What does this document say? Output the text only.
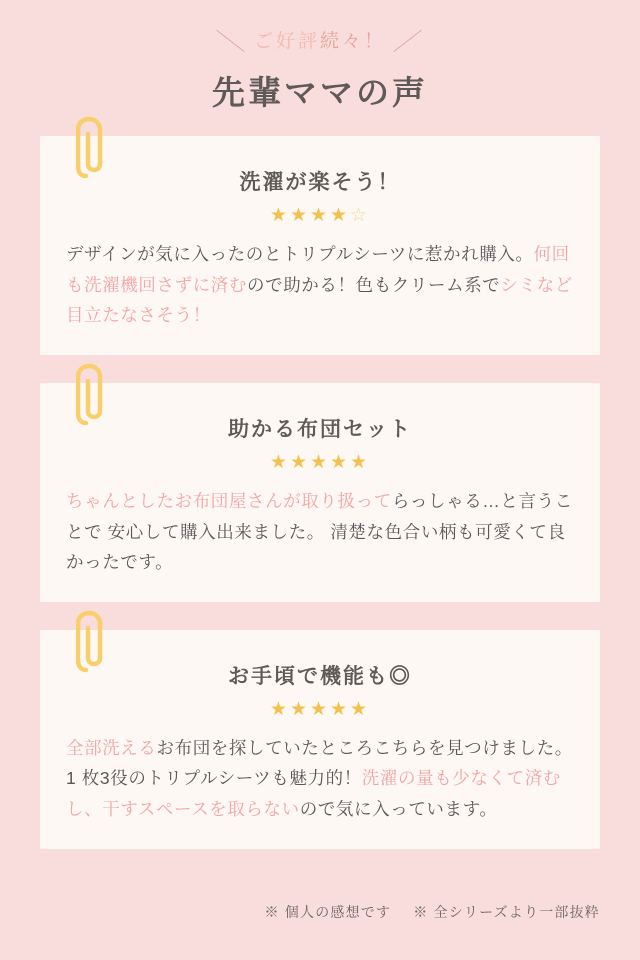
＼ ご好評続々！ ／
先輩ママの声
洗濯が楽そう！
★★★★☆
デザインが気に入ったのとトリプルシーツに惹かれ購入。何回も洗濯機回さずに済むので助かる！色もクリーム系でシミなど目立たなさそう！
助かる布団セット
★★★★★
ちゃんとしたお布団屋さんが取り扱ってらっしゃる…と言うことで 安心して購入出来ました。 清楚な色合い柄も可愛くて良かったです。
お手頃で機能も◎
★★★★★
全部洗えるお布団を探していたところこちらを見つけました。 1 枚3役のトリプルシーツも魅力的！洗濯の量も少なくて済むし、干すスペースを取らないので気に入っています。
※ 個人の感想です ※ 全シリーズより一部抜粋
